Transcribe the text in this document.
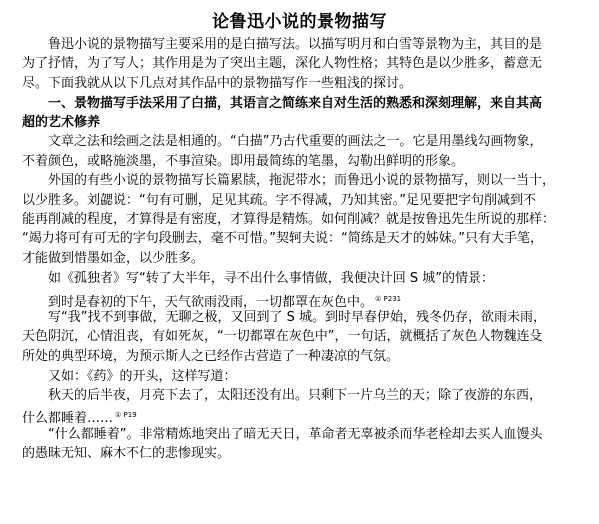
论鲁迅小说的景物描写
　　鲁迅小说的景物描写主要采用的是白描写法。以描写明月和白雪等景物为主，其目的是
为了抒情，为了写人；其作用是为了突出主题，深化人物性格；其特色是以少胜多，蓄意无
尽。下面我就从以下几点对其作品中的景物描写作一些粗浅的探讨。
　　一、景物描写手法采用了白描，其语言之简练来自对生活的熟悉和深刻理解，来自其高
超的艺术修养
　　文章之法和绘画之法是相通的。“白描”乃古代重要的画法之一。它是用墨线勾画物象，
不着颜色，或略施淡墨，不事渲染。即用最简练的笔墨，勾勒出鲜明的形象。
　　外国的有些小说的景物描写长篇累牍，拖泥带水；而鲁迅小说的景物描写，则以一当十，
以少胜多。刘勰说：“句有可删，足见其疏。字不得减，乃知其密。”足见要把字句削减到不
能再削减的程度，才算得是有密度，才算得是精炼。如何削减？就是按鲁迅先生所说的那样：
“竭力将可有可无的字句段删去，毫不可惜。”契轲夫说：“简练是天才的姊妹。”只有大手笔，
才能做到惜墨如金，以少胜多。
　　如《孤独者》写“转了大半年，寻不出什么事情做，我便决计回 S 城”的情景：
　　到时是春初的下午，天气欲雨没雨，一切都罩在灰色中。 $^{① P231}$
　　写“我”找不到事做，无聊之极，又回到了 S 城。到时早春伊始，残冬仍存，欲雨未雨，
天色阴沉，心情沮丧，有如死灰，“一切都罩在灰色中”，一句话，就概括了灰色人物魏连殳
所处的典型环境，为预示斯人之已经作古营造了一种凄凉的气氛。
　　又如：《药》的开头，这样写道：
　　秋天的后半夜，月亮下去了，太阳还没有出。只剩下一片乌兰的天；除了夜游的东西，
什么都睡着…… $^{① P19}$
　　“什么都睡着”。非常精炼地突出了暗无天日，革命者无辜被杀而华老栓却去买人血馒头
的愚昧无知、麻木不仁的悲惨现实。
